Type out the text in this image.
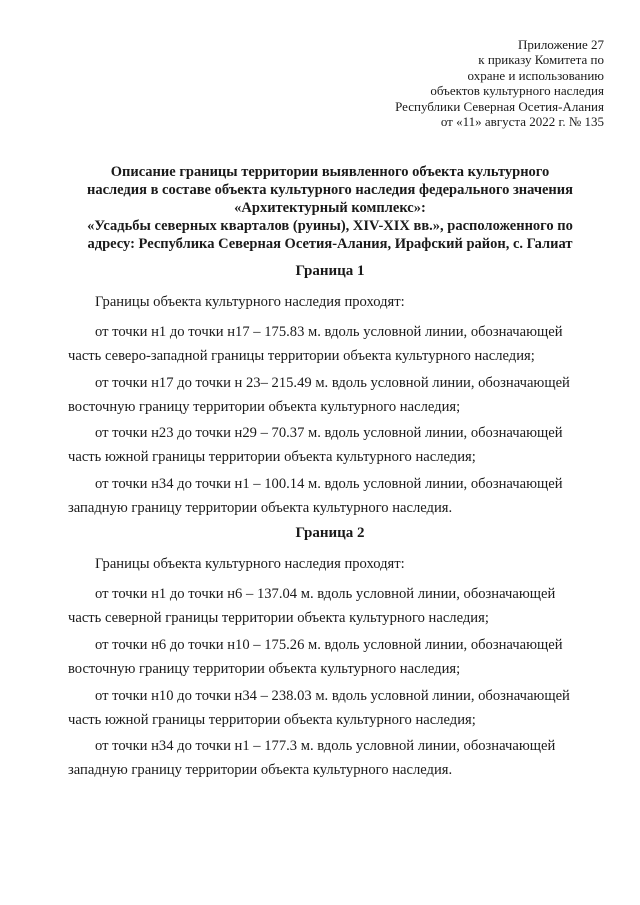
Приложение 27
к приказу Комитета по
охране и использованию
объектов культурного наследия
Республики Северная Осетия-Алания
от «11» августа 2022 г. № 135
Описание границы территории выявленного объекта культурного
наследия в составе объекта культурного наследия федерального значения
«Архитектурный комплекс»:
«Усадьбы северных кварталов (руины), XIV-XIX вв.», расположенного по
адресу: Республика Северная Осетия-Алания, Ирафский район, с. Галиат
Граница 1
Границы объекта культурного наследия проходят:
от точки н1 до точки н17 – 175.83 м. вдоль условной линии, обозначающей
часть северо-западной границы территории объекта культурного наследия;
от точки н17 до точки н 23– 215.49 м. вдоль условной линии, обозначающей
восточную границу территории объекта культурного наследия;
от точки н23 до точки н29 – 70.37 м. вдоль условной линии, обозначающей
часть южной границы территории объекта культурного наследия;
от точки н34 до точки н1 – 100.14 м. вдоль условной линии, обозначающей
западную границу территории объекта культурного наследия.
Граница 2
Границы объекта культурного наследия проходят:
от точки н1 до точки н6 – 137.04 м. вдоль условной линии, обозначающей
часть северной границы территории объекта культурного наследия;
от точки н6 до точки н10 – 175.26 м. вдоль условной линии, обозначающей
восточную границу территории объекта культурного наследия;
от точки н10 до точки н34 – 238.03 м. вдоль условной линии, обозначающей
часть южной границы территории объекта культурного наследия;
от точки н34 до точки н1 – 177.3 м. вдоль условной линии, обозначающей
западную границу территории объекта культурного наследия.
